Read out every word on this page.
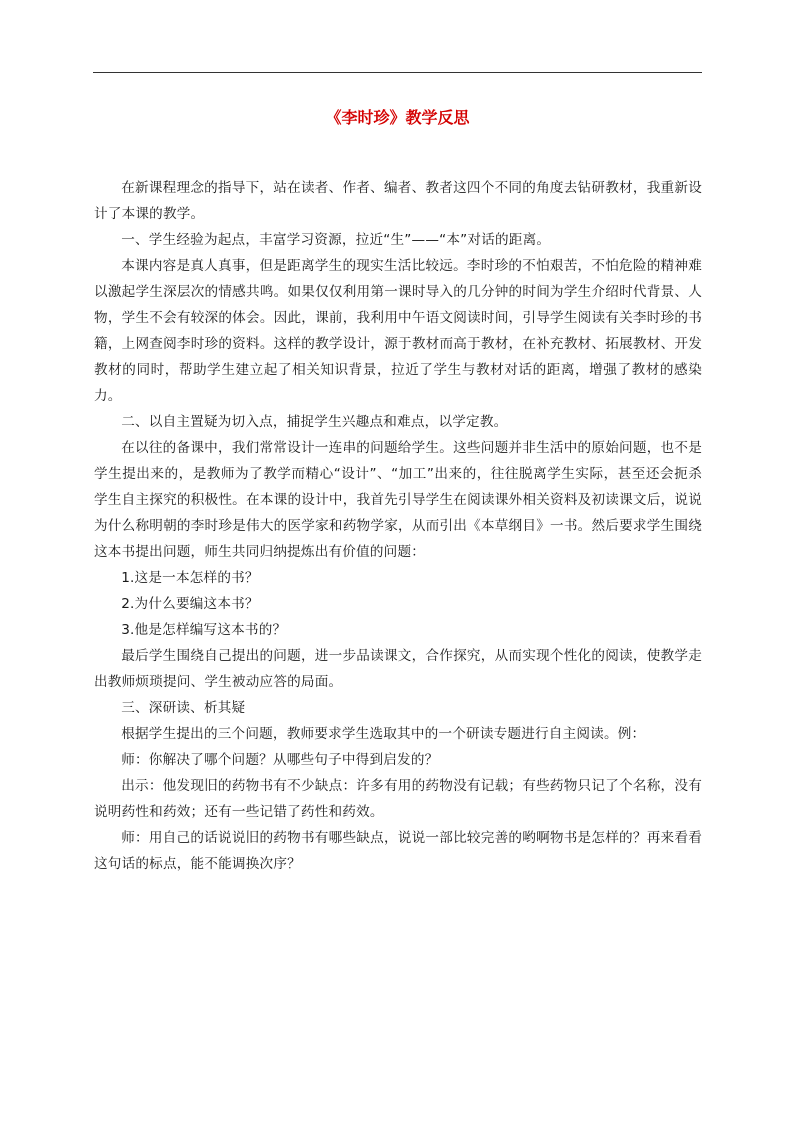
《李时珍》教学反思

在新课程理念的指导下，站在读者、作者、编者、教者这四个不同的角度去钻研教材，我重新设计了本课的教学。

一、学生经验为起点，丰富学习资源，拉近“生”——“本”对话的距离。

本课内容是真人真事，但是距离学生的现实生活比较远。李时珍的不怕艰苦，不怕危险的精神难以激起学生深层次的情感共鸣。如果仅仅利用第一课时导入的几分钟的时间为学生介绍时代背景、人物，学生不会有较深的体会。因此，课前，我利用中午语文阅读时间，引导学生阅读有关李时珍的书籍，上网查阅李时珍的资料。这样的教学设计，源于教材而高于教材，在补充教材、拓展教材、开发教材的同时，帮助学生建立起了相关知识背景，拉近了学生与教材对话的距离，增强了教材的感染力。

二、以自主置疑为切入点，捕捉学生兴趣点和难点，以学定教。

在以往的备课中，我们常常设计一连串的问题给学生。这些问题并非生活中的原始问题，也不是学生提出来的，是教师为了教学而精心“设计”、“加工”出来的，往往脱离学生实际，甚至还会扼杀学生自主探究的积极性。在本课的设计中，我首先引导学生在阅读课外相关资料及初读课文后，说说为什么称明朝的李时珍是伟大的医学家和药物学家，从而引出《本草纲目》一书。然后要求学生围绕这本书提出问题，师生共同归纳提炼出有价值的问题：

1.这是一本怎样的书？

2.为什么要编这本书？

3.他是怎样编写这本书的？

最后学生围绕自己提出的问题，进一步品读课文，合作探究，从而实现个性化的阅读，使教学走出教师烦琐提问、学生被动应答的局面。

三、深研读、析其疑

根据学生提出的三个问题，教师要求学生选取其中的一个研读专题进行自主阅读。例：

师：你解决了哪个问题？从哪些句子中得到启发的？

出示：他发现旧的药物书有不少缺点：许多有用的药物没有记载；有些药物只记了个名称，没有说明药性和药效；还有一些记错了药性和药效。

师：用自己的话说说旧的药物书有哪些缺点，说说一部比较完善的哟啊物书是怎样的？再来看看这句话的标点，能不能调换次序？
